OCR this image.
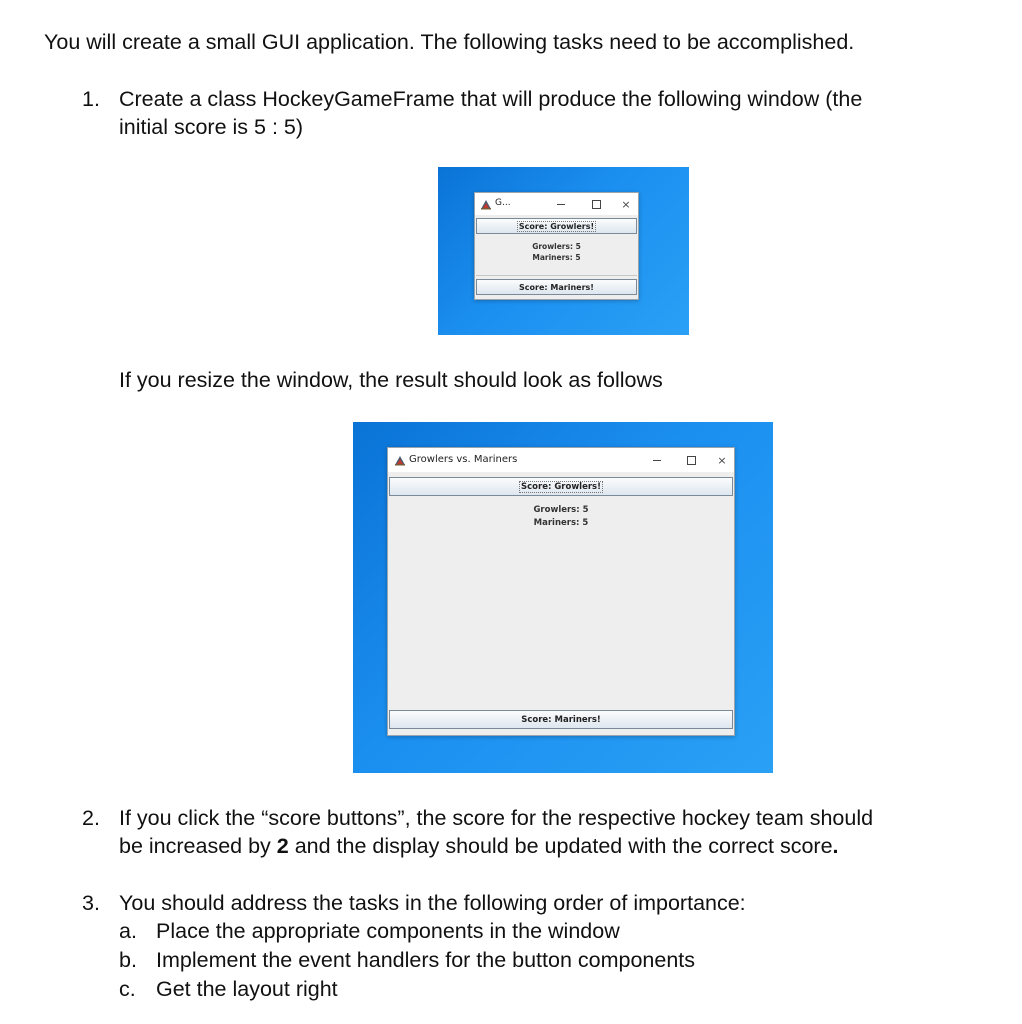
You will create a small GUI application. The following tasks need to be accomplished.
1. Create a class HockeyGameFrame that will produce the following window (the
initial score is 5 : 5)
G...	×
Score: Growlers!
Growlers: 5
Mariners: 5
Score: Mariners!
If you resize the window, the result should look as follows
Growlers vs. Mariners	×
Score: Growlers!
Growlers: 5
Mariners: 5
Score: Mariners!
2. If you click the “score buttons”, the score for the respective hockey team should
be increased by 2 and the display should be updated with the correct score.
3. You should address the tasks in the following order of importance:
a. Place the appropriate components in the window
b. Implement the event handlers for the button components
c. Get the layout right
